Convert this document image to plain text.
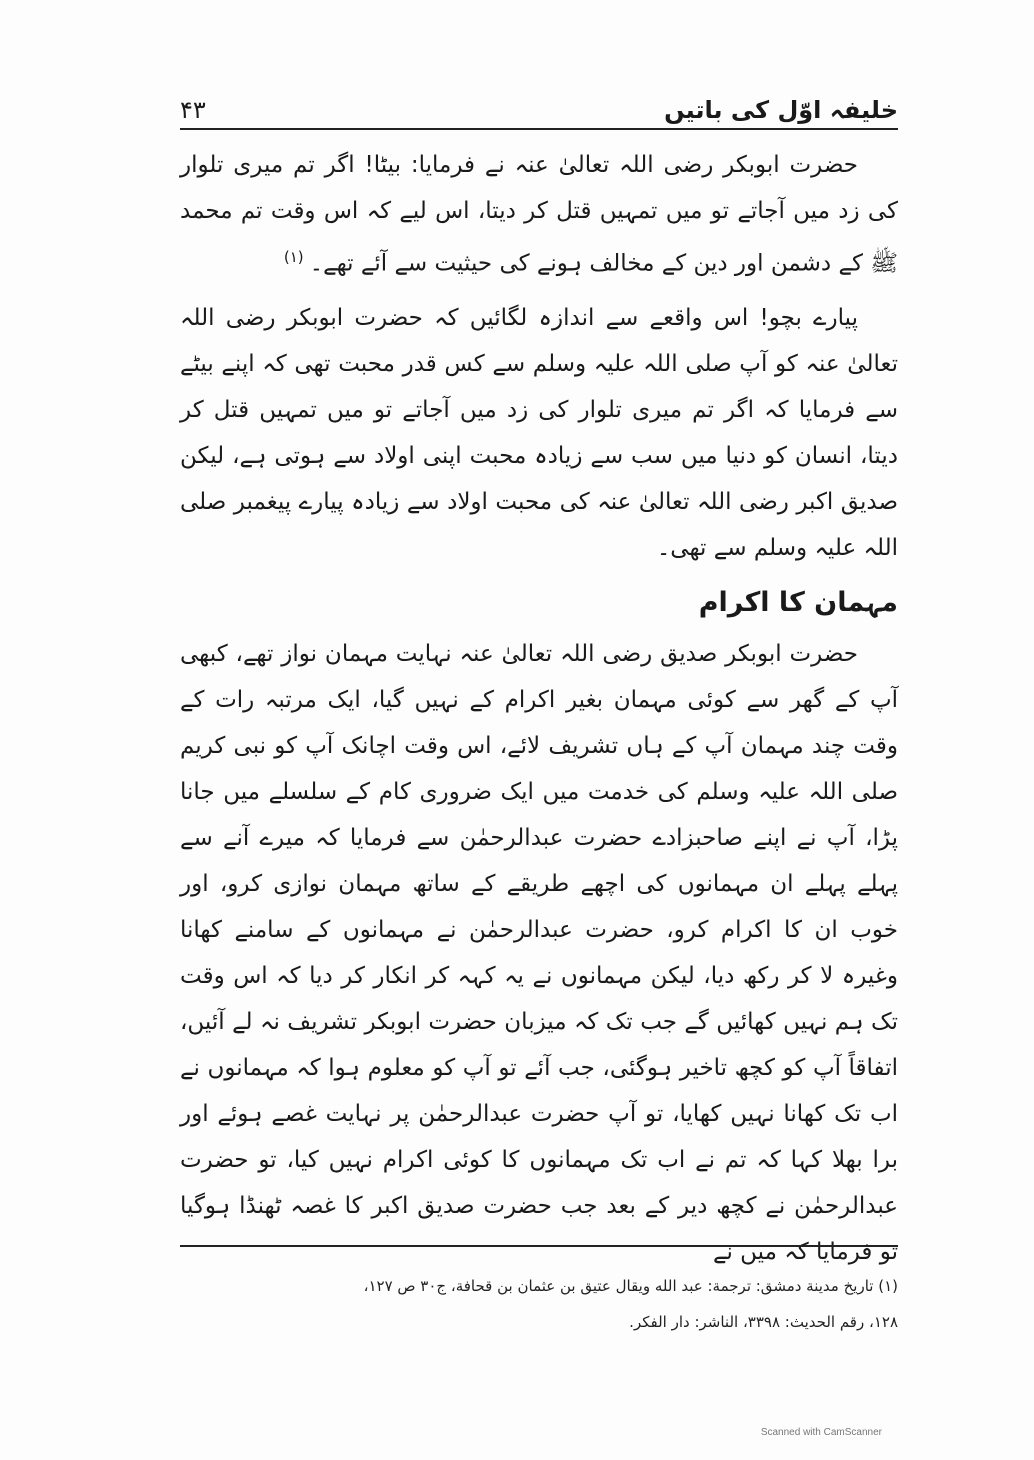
خلیفہ اوّل کی باتیں
۴۳

حضرت ابوبکر رضی اللہ تعالیٰ عنہ نے فرمایا: بیٹا! اگر تم میری تلوار کی زد میں آجاتے تو میں تمہیں قتل کر دیتا، اس لیے کہ اس وقت تم محمد ﷺ کے دشمن اور دین کے مخالف ہونے کی حیثیت سے آئے تھے۔$^{(۱)}$

پیارے بچو! اس واقعے سے اندازہ لگائیں کہ حضرت ابوبکر رضی اللہ تعالیٰ عنہ کو آپ صلی اللہ علیہ وسلم سے کس قدر محبت تھی کہ اپنے بیٹے سے فرمایا کہ اگر تم میری تلوار کی زد میں آجاتے تو میں تمہیں قتل کر دیتا، انسان کو دنیا میں سب سے زیادہ محبت اپنی اولاد سے ہوتی ہے، لیکن صدیق اکبر رضی اللہ تعالیٰ عنہ کی محبت اولاد سے زیادہ پیارے پیغمبر صلی اللہ علیہ وسلم سے تھی۔

مہمان کا اکرام

حضرت ابوبکر صدیق رضی اللہ تعالیٰ عنہ نہایت مہمان نواز تھے، کبھی آپ کے گھر سے کوئی مہمان بغیر اکرام کے نہیں گیا، ایک مرتبہ رات کے وقت چند مہمان آپ کے ہاں تشریف لائے، اس وقت اچانک آپ کو نبی کریم صلی اللہ علیہ وسلم کی خدمت میں ایک ضروری کام کے سلسلے میں جانا پڑا، آپ نے اپنے صاحبزادے حضرت عبدالرحمٰن سے فرمایا کہ میرے آنے سے پہلے پہلے ان مہمانوں کی اچھے طریقے کے ساتھ مہمان نوازی کرو، اور خوب ان کا اکرام کرو، حضرت عبدالرحمٰن نے مہمانوں کے سامنے کھانا وغیرہ لا کر رکھ دیا، لیکن مہمانوں نے یہ کہہ کر انکار کر دیا کہ اس وقت تک ہم نہیں کھائیں گے جب تک کہ میزبان حضرت ابوبکر تشریف نہ لے آئیں، اتفاقاً آپ کو کچھ تاخیر ہوگئی، جب آئے تو آپ کو معلوم ہوا کہ مہمانوں نے اب تک کھانا نہیں کھایا، تو آپ حضرت عبدالرحمٰن پر نہایت غصے ہوئے اور برا بھلا کہا کہ تم نے اب تک مہمانوں کا کوئی اکرام نہیں کیا، تو حضرت عبدالرحمٰن نے کچھ دیر کے بعد جب حضرت صدیق اکبر کا غصہ ٹھنڈا ہوگیا تو فرمایا کہ میں نے

(۱) تاريخ مدينة دمشق: ترجمة: عبد الله ويقال عتيق بن عثمان بن قحافة، ج۳۰ ص ۱۲۷،
۱۲۸، رقم الحديث: ۳۳۹۸، الناشر: دار الفكر.
Scanned with CamScanner
